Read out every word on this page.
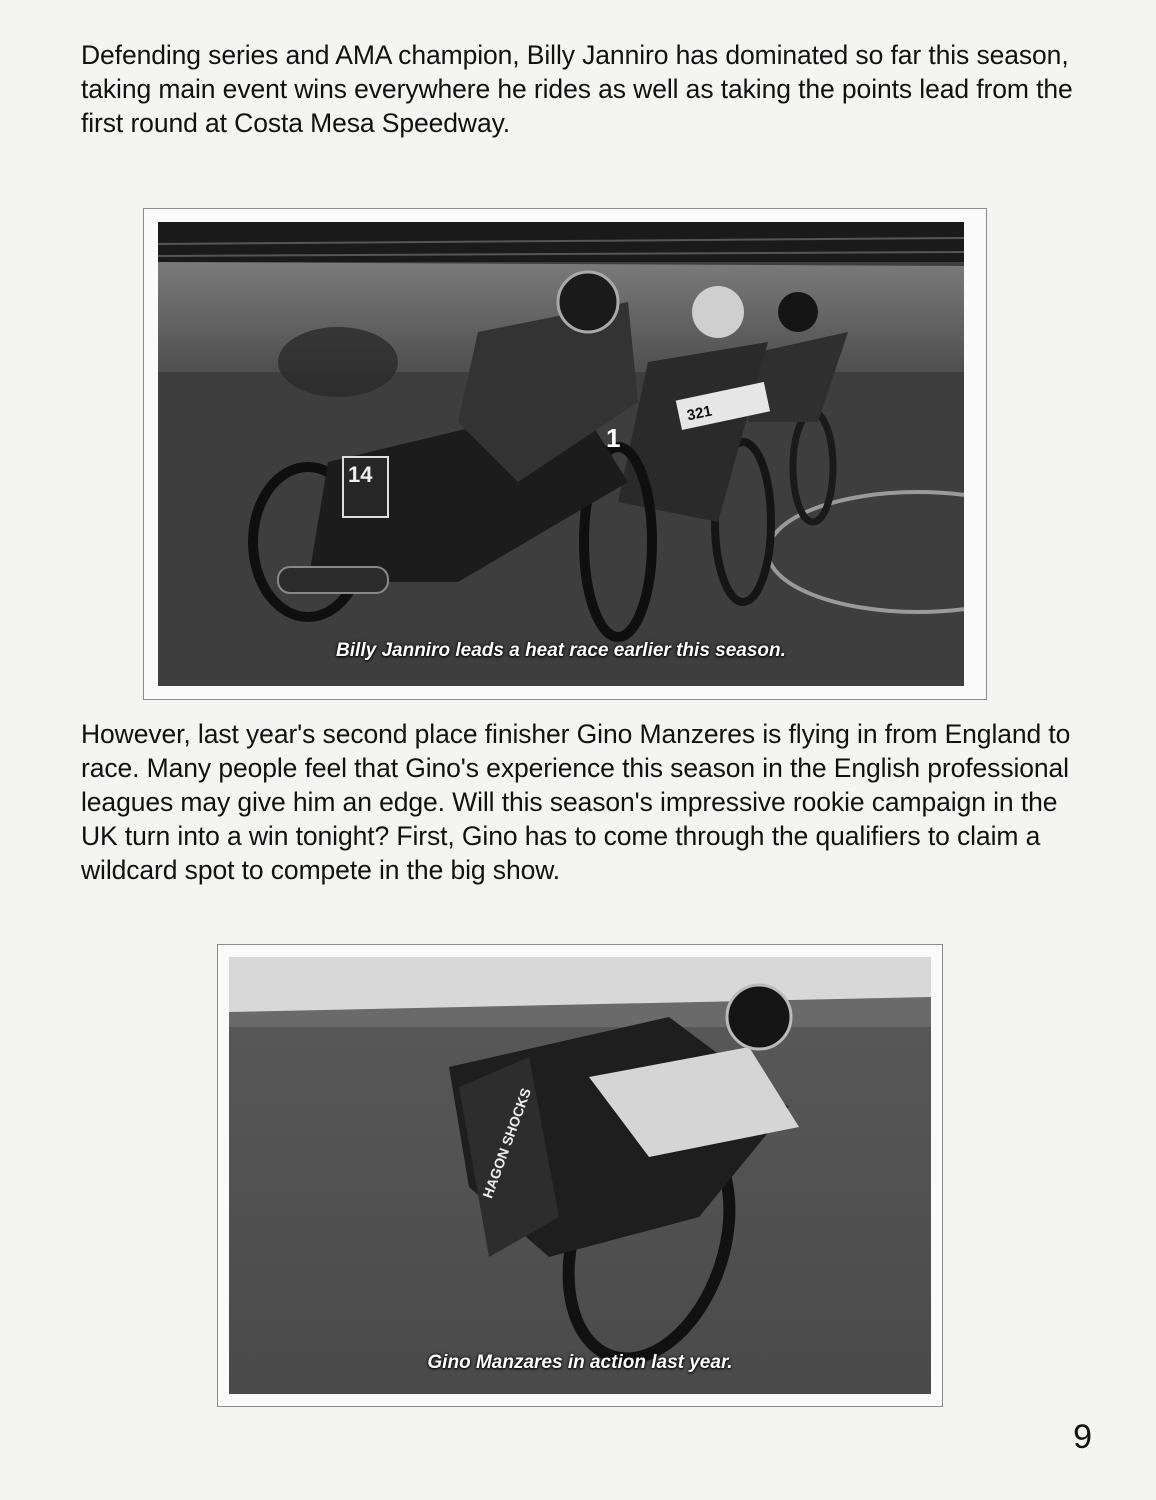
Defending series and AMA champion, Billy Janniro has dominated so far this season, taking main event wins everywhere he rides as well as taking the points lead from the first round at Costa Mesa Speedway.

321
14
1
Billy Janniro leads a heat race earlier this season.

However, last year's second place finisher Gino Manzeres is flying in from England to race. Many people feel that Gino's experience this season in the English professional leagues may give him an edge. Will this season's impressive rookie campaign in the UK turn into a win tonight? First, Gino has to come through the qualifiers to claim a wildcard spot to compete in the big show.

HAGON SHOCKS
Gino Manzares in action last year.
9
